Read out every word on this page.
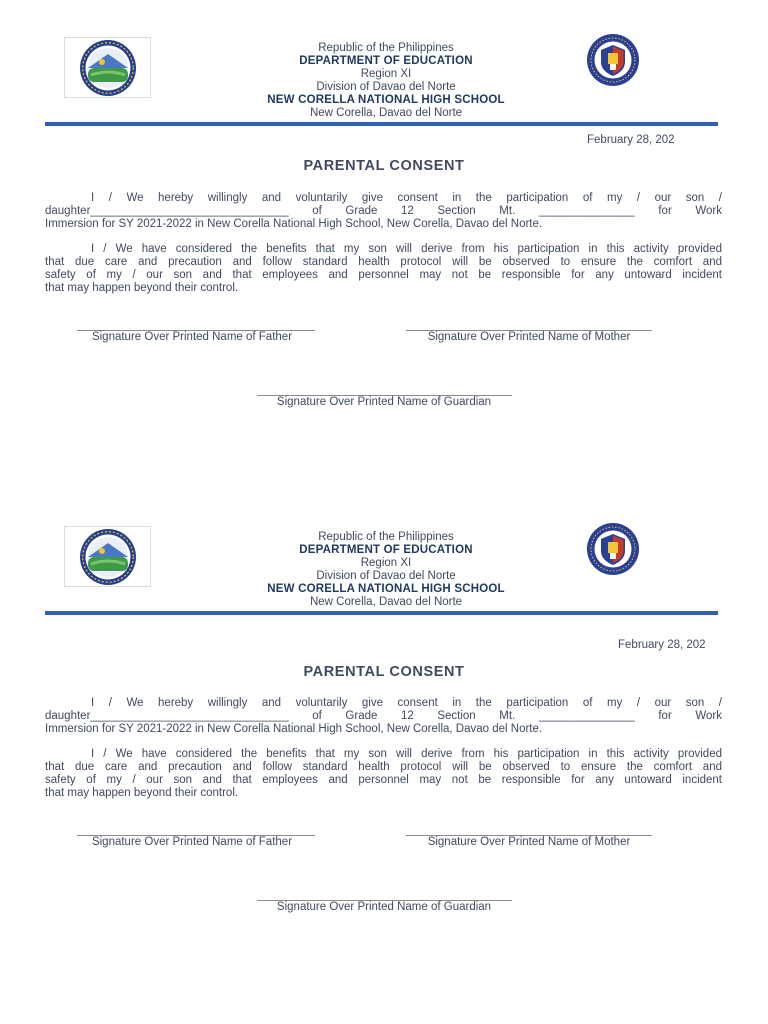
Republic of the Philippines
DEPARTMENT OF EDUCATION
Region XI
Division of Davao del Norte
NEW CORELLA NATIONAL HIGH SCHOOL
New Corella, Davao del Norte
February 28, 202
PARENTAL CONSENT
I / We hereby willingly and voluntarily give consent in the participation of my / our son /
daughter_______________________________ of Grade 12 Section Mt. _______________ for Work
Immersion for SY 2021-2022 in New Corella National High School, New Corella, Davao del Norte.
I / We have considered the benefits that my son will derive from his participation in this activity provided
that due care and precaution and follow standard health protocol will be observed to ensure the comfort and
safety of my / our son and that employees and personnel may not be responsible for any untoward incident
that may happen beyond their control.
Signature Over Printed Name of Father	Signature Over Printed Name of Mother
Signature Over Printed Name of Guardian
Republic of the Philippines
DEPARTMENT OF EDUCATION
Region XI
Division of Davao del Norte
NEW CORELLA NATIONAL HIGH SCHOOL
New Corella, Davao del Norte
February 28, 202
PARENTAL CONSENT
I / We hereby willingly and voluntarily give consent in the participation of my / our son /
daughter_______________________________ of Grade 12 Section Mt. _______________ for Work
Immersion for SY 2021-2022 in New Corella National High School, New Corella, Davao del Norte.
I / We have considered the benefits that my son will derive from his participation in this activity provided
that due care and precaution and follow standard health protocol will be observed to ensure the comfort and
safety of my / our son and that employees and personnel may not be responsible for any untoward incident
that may happen beyond their control.
Signature Over Printed Name of Father	Signature Over Printed Name of Mother
Signature Over Printed Name of Guardian
